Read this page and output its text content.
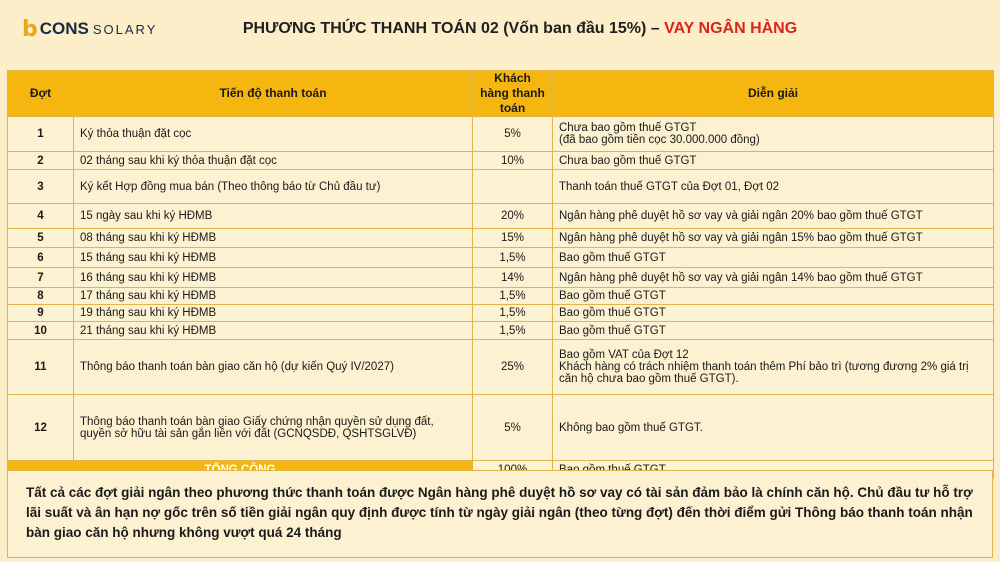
b CONS SOLARY	PHƯƠNG THỨC THANH TOÁN 02 (Vốn ban đầu 15%) – VAY NGÂN HÀNG
Đợt	Tiến độ thanh toán	Khách hàng thanh toán	Diễn giải
1	Ký thỏa thuận đặt cọc	5%	Chưa bao gồm thuế GTGT
(đã bao gồm tiền cọc 30.000.000 đồng)

2	02 tháng sau khi ký thỏa thuận đặt cọc	10%	Chưa bao gồm thuế GTGT

3	Ký kết Hợp đồng mua bán (Theo thông báo từ Chủ đầu tư)		Thanh toán thuế GTGT của Đợt 01, Đợt 02

4	15 ngày sau khi ký HĐMB	20%	Ngân hàng phê duyệt hồ sơ vay và giải ngân 20% bao gồm thuế GTGT

5	08 tháng sau khi ký HĐMB	15%	Ngân hàng phê duyệt hồ sơ vay và giải ngân 15% bao gồm thuế GTGT

6	15 tháng sau khi ký HĐMB	1,5%	Bao gồm thuế GTGT

7	16 tháng sau khi ký HĐMB	14%	Ngân hàng phê duyệt hồ sơ vay và giải ngân 14% bao gồm thuế GTGT

8	17 tháng sau khi ký HĐMB	1,5%	Bao gồm thuế GTGT

9	19 tháng sau khi ký HĐMB	1,5%	Bao gồm thuế GTGT

10	21 tháng sau khi ký HĐMB	1,5%	Bao gồm thuế GTGT

11	Thông báo thanh toán bàn giao căn hộ (dự kiến Quý IV/2027)	25%	Bao gồm VAT của Đợt 12
Khách hàng có trách nhiệm thanh toán thêm Phí bảo trì (tương đương 2% giá trị căn hộ chưa bao gồm thuế GTGT).

12	Thông báo thanh toán bàn giao Giấy chứng nhận quyền sử dụng đất, quyền sở hữu tài sản gắn liền với đất (GCNQSDĐ, QSHTSGLVĐ)	5%	Không bao gồm thuế GTGT.

Tất cả các đợt giải ngân theo phương thức thanh toán được Ngân hàng phê duyệt hồ sơ vay có tài sản đảm bảo là chính căn hộ. Chủ đầu tư hỗ trợ lãi suất và ân hạn nợ gốc trên số tiền giải ngân quy định được tính từ ngày giải ngân (theo từng đợt) đến thời điểm gửi Thông báo thanh toán nhận bàn giao căn hộ nhưng không vượt quá 24 tháng
